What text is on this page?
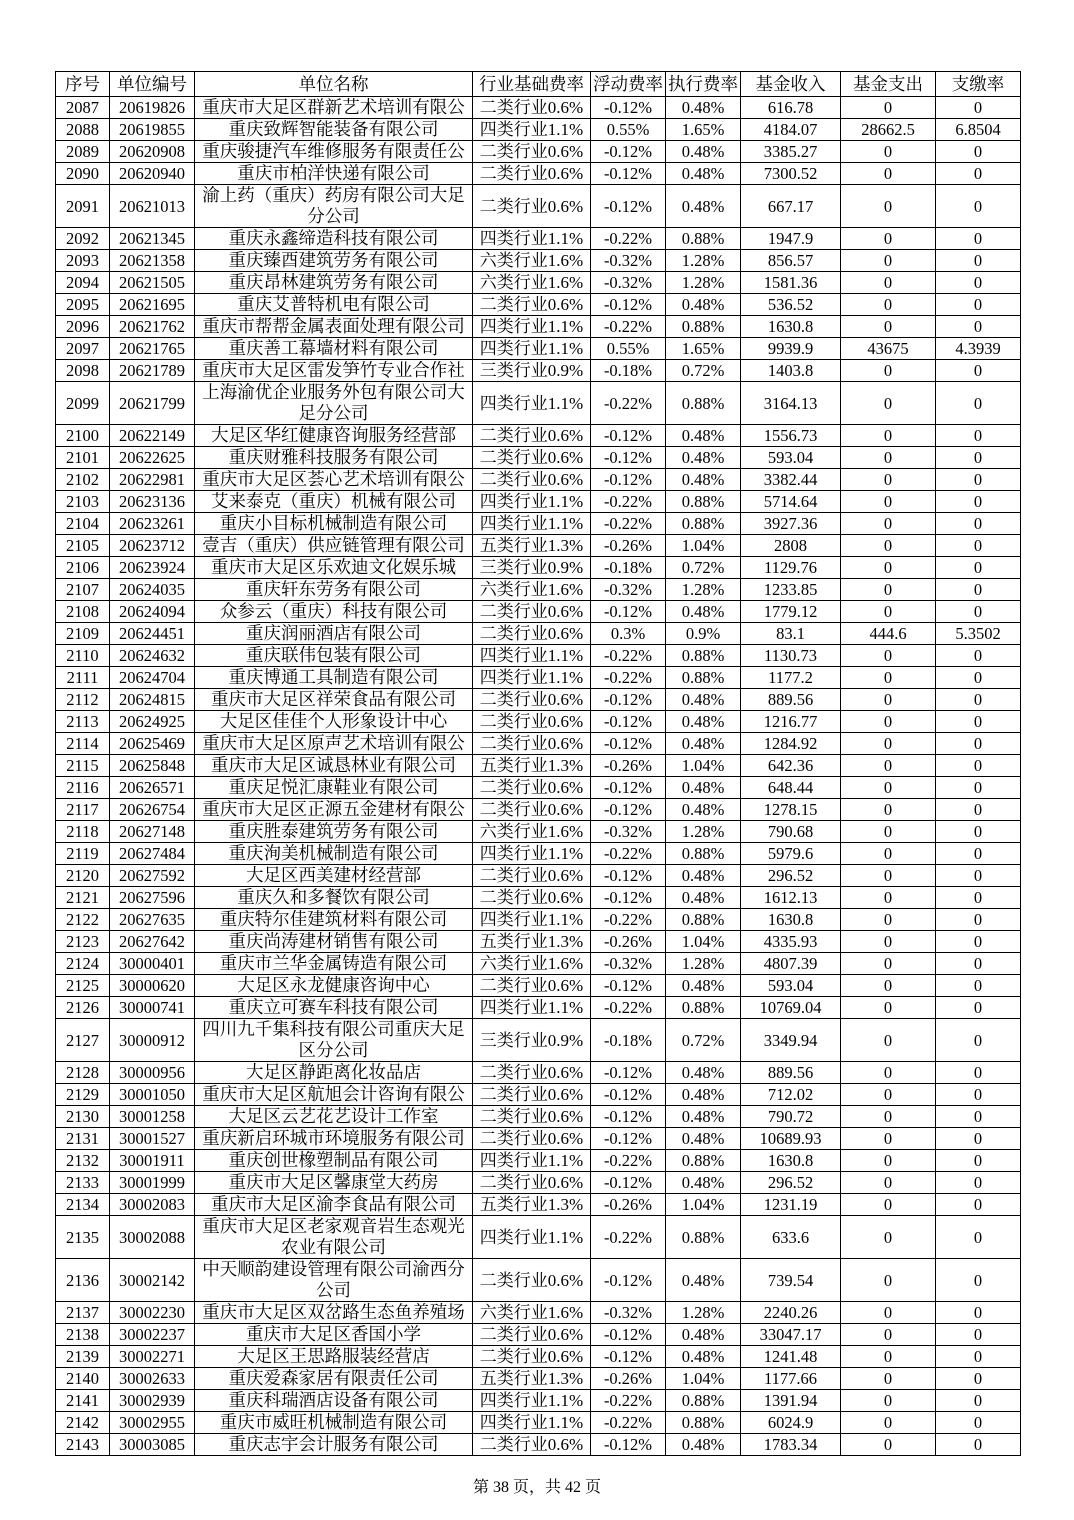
序号	单位编号	单位名称	行业基础费率	浮动费率	执行费率	基金收入	基金支出	支缴率
2087	20619826	重庆市大足区群新艺术培训有限公	二类行业0.6%	-0.12%	0.48%	616.78	0	0
2088	20619855	重庆致辉智能装备有限公司	四类行业1.1%	0.55%	1.65%	4184.07	28662.5	6.8504
2089	20620908	重庆骏捷汽车维修服务有限责任公	二类行业0.6%	-0.12%	0.48%	3385.27	0	0
2090	20620940	重庆市柏洋快递有限公司	二类行业0.6%	-0.12%	0.48%	7300.52	0	0
2091	20621013	渝上药（重庆）药房有限公司大足分公司	二类行业0.6%	-0.12%	0.48%	667.17	0	0
2092	20621345	重庆永鑫缔造科技有限公司	四类行业1.1%	-0.22%	0.88%	1947.9	0	0
2093	20621358	重庆臻酉建筑劳务有限公司	六类行业1.6%	-0.32%	1.28%	856.57	0	0
2094	20621505	重庆昂林建筑劳务有限公司	六类行业1.6%	-0.32%	1.28%	1581.36	0	0
2095	20621695	重庆艾普特机电有限公司	二类行业0.6%	-0.12%	0.48%	536.52	0	0
2096	20621762	重庆市帮帮金属表面处理有限公司	四类行业1.1%	-0.22%	0.88%	1630.8	0	0
2097	20621765	重庆善工幕墙材料有限公司	四类行业1.1%	0.55%	1.65%	9939.9	43675	4.3939
2098	20621789	重庆市大足区雷发笋竹专业合作社	三类行业0.9%	-0.18%	0.72%	1403.8	0	0
2099	20621799	上海渝优企业服务外包有限公司大足分公司	四类行业1.1%	-0.22%	0.88%	3164.13	0	0
2100	20622149	大足区华红健康咨询服务经营部	二类行业0.6%	-0.12%	0.48%	1556.73	0	0
2101	20622625	重庆财雅科技服务有限公司	二类行业0.6%	-0.12%	0.48%	593.04	0	0
2102	20622981	重庆市大足区荟心艺术培训有限公	二类行业0.6%	-0.12%	0.48%	3382.44	0	0
2103	20623136	艾来泰克（重庆）机械有限公司	四类行业1.1%	-0.22%	0.88%	5714.64	0	0
2104	20623261	重庆小目标机械制造有限公司	四类行业1.1%	-0.22%	0.88%	3927.36	0	0
2105	20623712	壹吉（重庆）供应链管理有限公司	五类行业1.3%	-0.26%	1.04%	2808	0	0
2106	20623924	重庆市大足区乐欢迪文化娱乐城	三类行业0.9%	-0.18%	0.72%	1129.76	0	0
2107	20624035	重庆轩东劳务有限公司	六类行业1.6%	-0.32%	1.28%	1233.85	0	0
2108	20624094	众参云（重庆）科技有限公司	二类行业0.6%	-0.12%	0.48%	1779.12	0	0
2109	20624451	重庆润丽酒店有限公司	二类行业0.6%	0.3%	0.9%	83.1	444.6	5.3502
2110	20624632	重庆联伟包装有限公司	四类行业1.1%	-0.22%	0.88%	1130.73	0	0
2111	20624704	重庆博通工具制造有限公司	四类行业1.1%	-0.22%	0.88%	1177.2	0	0
2112	20624815	重庆市大足区祥荣食品有限公司	二类行业0.6%	-0.12%	0.48%	889.56	0	0
2113	20624925	大足区佳佳个人形象设计中心	二类行业0.6%	-0.12%	0.48%	1216.77	0	0
2114	20625469	重庆市大足区原声艺术培训有限公	二类行业0.6%	-0.12%	0.48%	1284.92	0	0
2115	20625848	重庆市大足区诚恳林业有限公司	五类行业1.3%	-0.26%	1.04%	642.36	0	0
2116	20626571	重庆足悦汇康鞋业有限公司	二类行业0.6%	-0.12%	0.48%	648.44	0	0
2117	20626754	重庆市大足区正源五金建材有限公	二类行业0.6%	-0.12%	0.48%	1278.15	0	0
2118	20627148	重庆胜泰建筑劳务有限公司	六类行业1.6%	-0.32%	1.28%	790.68	0	0
2119	20627484	重庆洵美机械制造有限公司	四类行业1.1%	-0.22%	0.88%	5979.6	0	0
2120	20627592	大足区西美建材经营部	二类行业0.6%	-0.12%	0.48%	296.52	0	0
2121	20627596	重庆久和多餐饮有限公司	二类行业0.6%	-0.12%	0.48%	1612.13	0	0
2122	20627635	重庆特尔佳建筑材料有限公司	四类行业1.1%	-0.22%	0.88%	1630.8	0	0
2123	20627642	重庆尚涛建材销售有限公司	五类行业1.3%	-0.26%	1.04%	4335.93	0	0
2124	30000401	重庆市兰华金属铸造有限公司	六类行业1.6%	-0.32%	1.28%	4807.39	0	0
2125	30000620	大足区永龙健康咨询中心	二类行业0.6%	-0.12%	0.48%	593.04	0	0
2126	30000741	重庆立可赛车科技有限公司	四类行业1.1%	-0.22%	0.88%	10769.04	0	0
2127	30000912	四川九千集科技有限公司重庆大足区分公司	三类行业0.9%	-0.18%	0.72%	3349.94	0	0
2128	30000956	大足区静距离化妆品店	二类行业0.6%	-0.12%	0.48%	889.56	0	0
2129	30001050	重庆市大足区航旭会计咨询有限公	二类行业0.6%	-0.12%	0.48%	712.02	0	0
2130	30001258	大足区云艺花艺设计工作室	二类行业0.6%	-0.12%	0.48%	790.72	0	0
2131	30001527	重庆新启环城市环境服务有限公司	二类行业0.6%	-0.12%	0.48%	10689.93	0	0
2132	30001911	重庆创世橡塑制品有限公司	四类行业1.1%	-0.22%	0.88%	1630.8	0	0
2133	30001999	重庆市大足区馨康堂大药房	二类行业0.6%	-0.12%	0.48%	296.52	0	0
2134	30002083	重庆市大足区渝李食品有限公司	五类行业1.3%	-0.26%	1.04%	1231.19	0	0
2135	30002088	重庆市大足区老家观音岩生态观光农业有限公司	四类行业1.1%	-0.22%	0.88%	633.6	0	0
2136	30002142	中天顺韵建设管理有限公司渝西分公司	二类行业0.6%	-0.12%	0.48%	739.54	0	0
2137	30002230	重庆市大足区双岔路生态鱼养殖场	六类行业1.6%	-0.32%	1.28%	2240.26	0	0
2138	30002237	重庆市大足区香国小学	二类行业0.6%	-0.12%	0.48%	33047.17	0	0
2139	30002271	大足区王思路服装经营店	二类行业0.6%	-0.12%	0.48%	1241.48	0	0
2140	30002633	重庆爱森家居有限责任公司	五类行业1.3%	-0.26%	1.04%	1177.66	0	0
2141	30002939	重庆科瑞酒店设备有限公司	四类行业1.1%	-0.22%	0.88%	1391.94	0	0
2142	30002955	重庆市威旺机械制造有限公司	四类行业1.1%	-0.22%	0.88%	6024.9	0	0
2143	30003085	重庆志宇会计服务有限公司	二类行业0.6%	-0.12%	0.48%	1783.34	0	0
第 38 页，共 42 页
